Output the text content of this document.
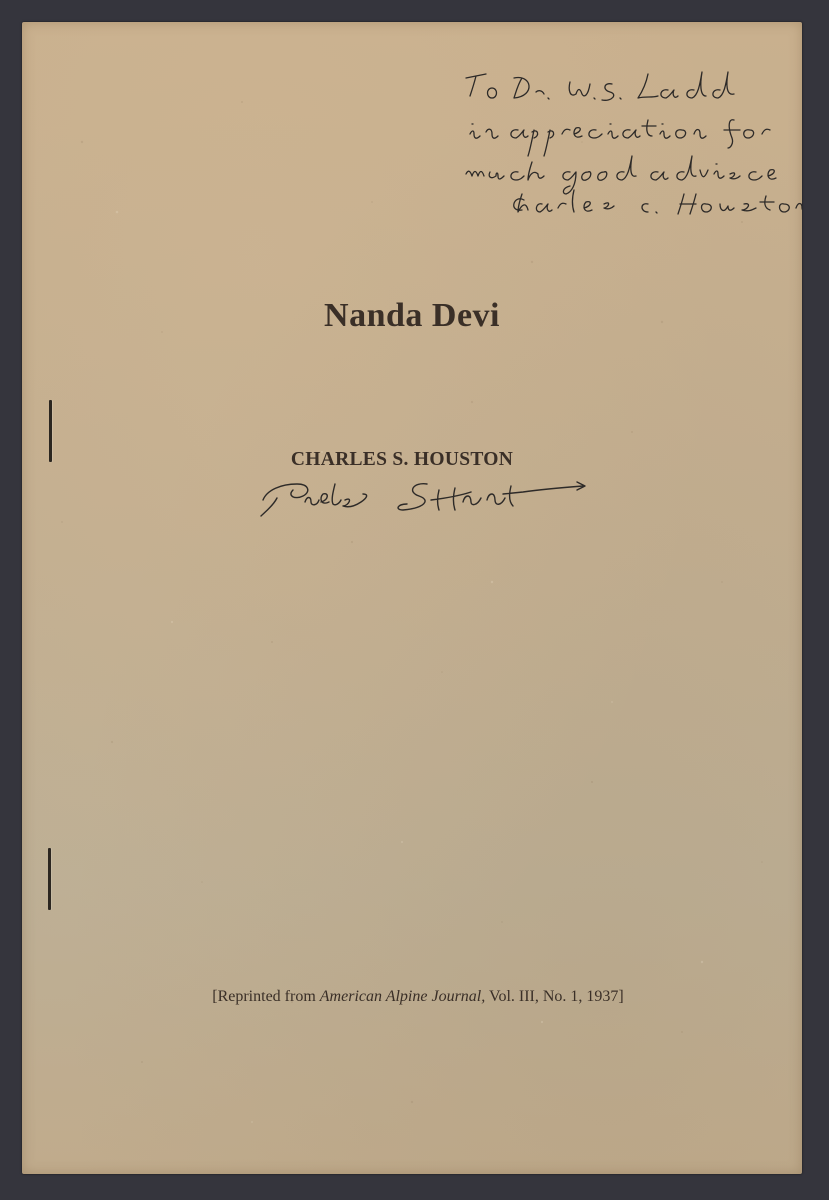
Nanda Devi
CHARLES S. HOUSTON
[Reprinted from American Alpine Journal, Vol. III, No. 1, 1937]
